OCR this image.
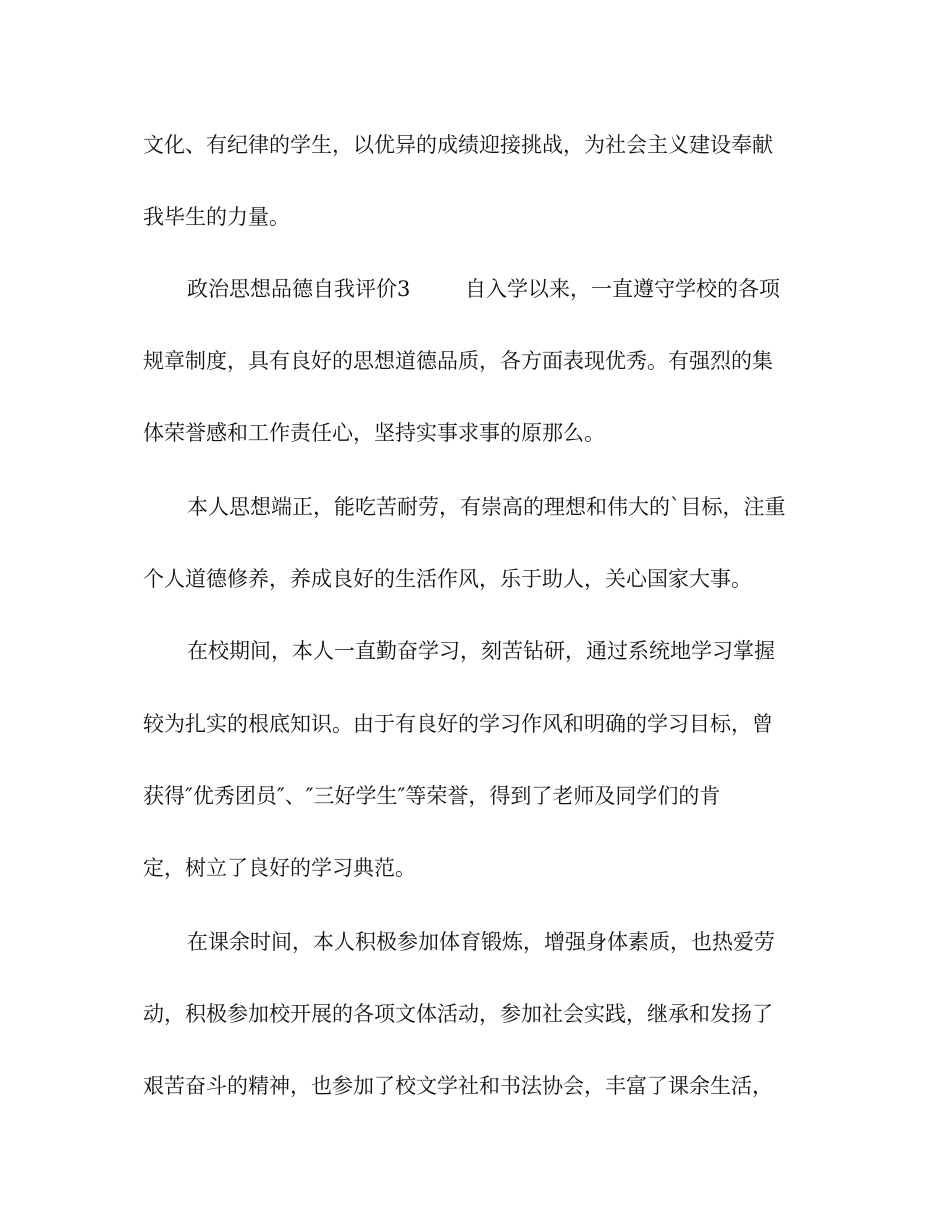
文化、有纪律的学生，以优异的成绩迎接挑战，为社会主义建设奉献
我毕生的力量。
政治思想品德自我评价3	自入学以来，一直遵守学校的各项
规章制度，具有良好的思想道德品质，各方面表现优秀。有强烈的集
体荣誉感和工作责任心，坚持实事求事的原那么。
本人思想端正，能吃苦耐劳，有崇高的理想和伟大的`目标，注重
个人道德修养，养成良好的生活作风，乐于助人，关心国家大事。
在校期间，本人一直勤奋学习，刻苦钻研，通过系统地学习掌握
较为扎实的根底知识。由于有良好的学习作风和明确的学习目标，曾
获得″优秀团员″、″三好学生″等荣誉，得到了老师及同学们的肯
定，树立了良好的学习典范。
在课余时间，本人积极参加体育锻炼，增强身体素质，也热爱劳
动，积极参加校开展的各项文体活动，参加社会实践，继承和发扬了
艰苦奋斗的精神，也参加了校文学社和书法协会，丰富了课余生活，
